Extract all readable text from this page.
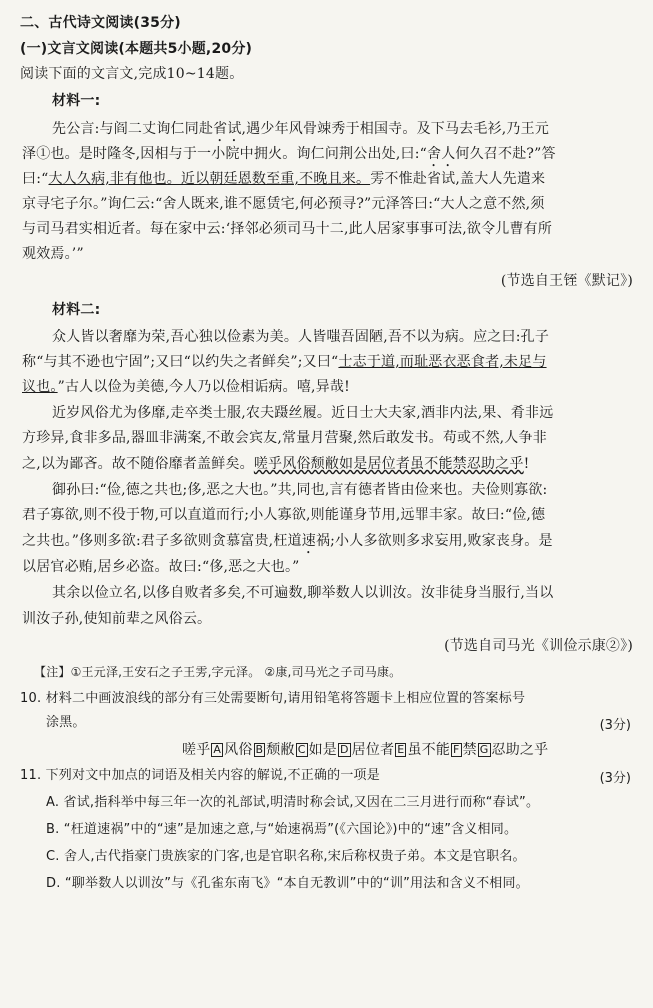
二、古代诗文阅读(35分)
(一)文言文阅读(本题共5小题,20分)
阅读下面的文言文,完成10~14题。
材料一:
先公言:与阎二丈询仁同赴省试,遇少年风骨竦秀于相国寺。及下马去毛衫,乃王元
泽①也。是时隆冬,因相与于一小院中拥火。询仁问荆公出处,曰:“舍人何久召不赴?”答
曰:“大人久病,非有他也。近以朝廷恩数至重,不晚且来。雱不惟赴省试,盖大人先遣来
京寻宅子尔。”询仁云:“舍人既来,谁不愿赁宅,何必预寻?”元泽答曰:“大人之意不然,须
与司马君实相近者。每在家中云:‘择邻必须司马十二,此人居家事事可法,欲令儿曹有所
观效焉。’”
(节选自王铚《默记》)
材料二:
众人皆以奢靡为荣,吾心独以俭素为美。人皆嗤吾固陋,吾不以为病。应之曰:孔子
称“与其不逊也宁固”;又曰“以约失之者鲜矣”;又曰“士志于道,而耻恶衣恶食者,未足与
议也。”古人以俭为美德,今人乃以俭相诟病。嘻,异哉!
近岁风俗尤为侈靡,走卒类士服,农夫蹑丝履。近日士大夫家,酒非内法,果、肴非远
方珍异,食非多品,器皿非满案,不敢会宾友,常量月营聚,然后敢发书。苟或不然,人争非
之,以为鄙吝。故不随俗靡者盖鲜矣。嗟乎风俗颓敝如是居位者虽不能禁忍助之乎!
御孙曰:“俭,德之共也;侈,恶之大也。”共,同也,言有德者皆由俭来也。夫俭则寡欲:
君子寡欲,则不役于物,可以直道而行;小人寡欲,则能谨身节用,远罪丰家。故曰:“俭,德
之共也。”侈则多欲:君子多欲则贪慕富贵,枉道速祸;小人多欲则多求妄用,败家丧身。是
以居官必贿,居乡必盗。故曰:“侈,恶之大也。”
其余以俭立名,以侈自败者多矣,不可遍数,聊举数人以训汝。汝非徒身当服行,当以
训汝子孙,使知前辈之风俗云。
(节选自司马光《训俭示康②》)
【注】①王元泽,王安石之子王雱,字元泽。 ②康,司马光之子司马康。
10. 材料二中画波浪线的部分有三处需要断句,请用铅笔将答题卡上相应位置的答案标号
涂黑。	(3分)
嗟乎 A 风俗 B 颓敝 C 如是 D 居位者 E 虽不能 F 禁 G 忍助之乎
11. 下列对文中加点的词语及相关内容的解说,不正确的一项是	(3分)
A. 省试,指科举中每三年一次的礼部试,明清时称会试,又因在二三月进行而称“春试”。
B. “枉道速祸”中的“速”是加速之意,与“始速祸焉”(《六国论》)中的“速”含义相同。
C. 舍人,古代指豪门贵族家的门客,也是官职名称,宋后称权贵子弟。本文是官职名。
D. “聊举数人以训汝”与《孔雀东南飞》“本自无教训”中的“训”用法和含义不相同。
